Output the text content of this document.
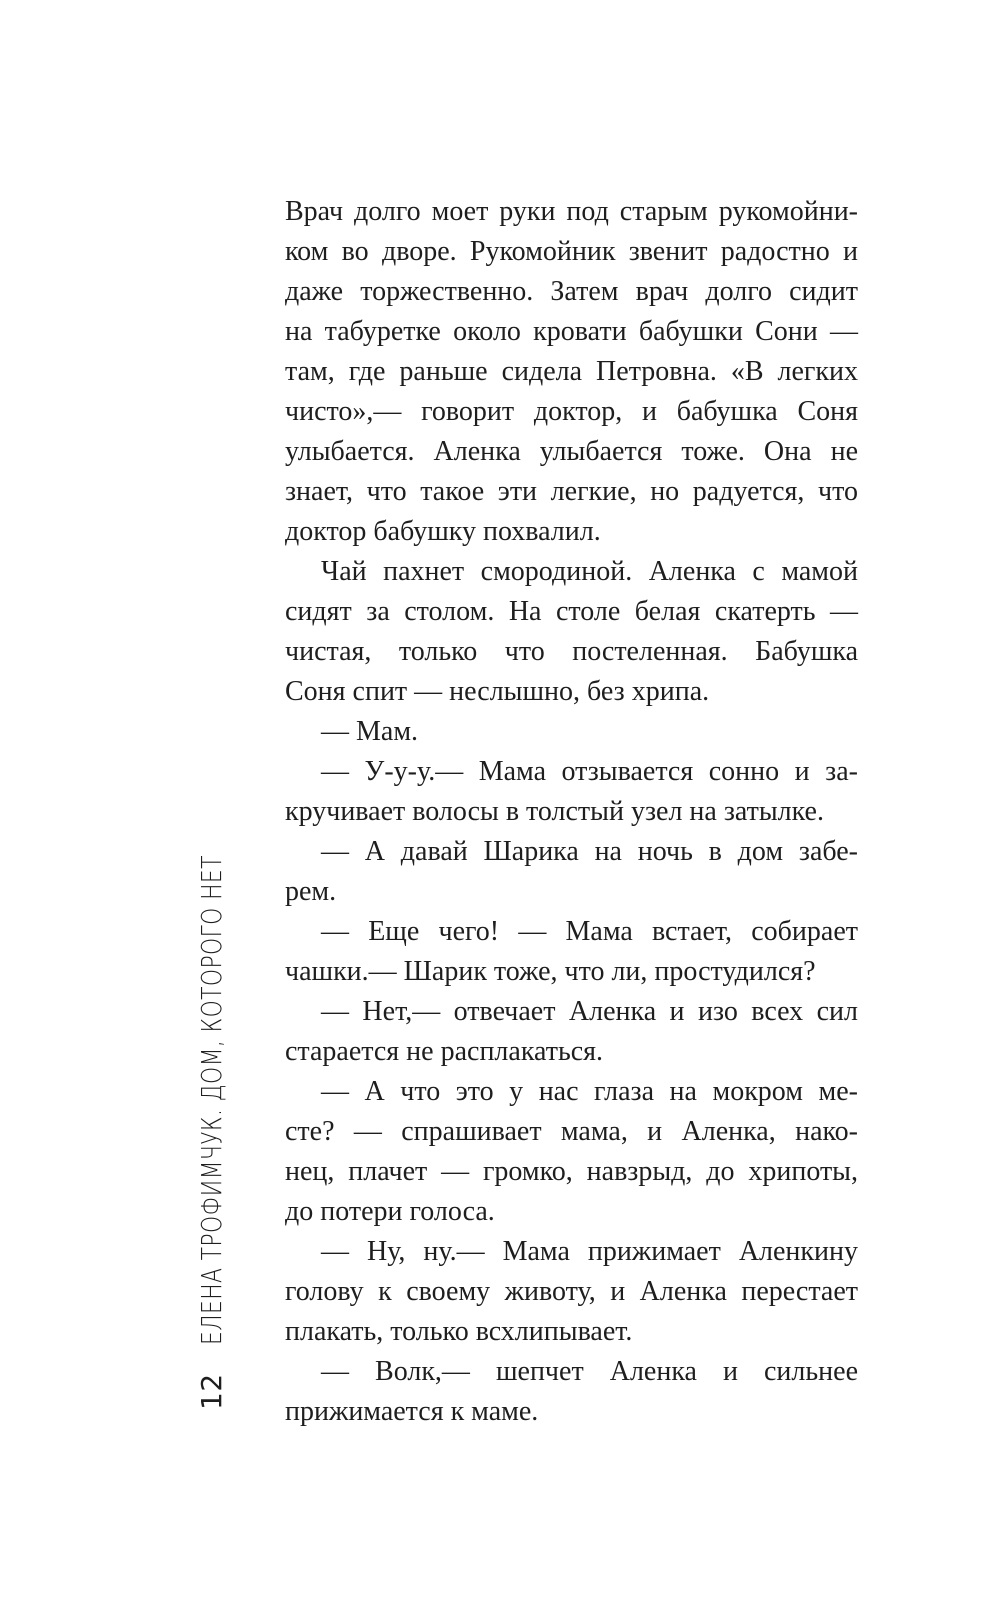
12
ЕЛЕНА ТРОФИМЧУК. ДОМ, КОТОРОГО НЕТ
Врач долго моет руки под старым рукомойни-
ком во дворе. Рукомойник звенит радостно и
даже торжественно. Затем врач долго сидит
на табуретке около кровати бабушки Сони —
там, где раньше сидела Петровна. «В легких
чисто»,— говорит доктор, и бабушка Соня
улыбается. Аленка улыбается тоже. Она не
знает, что такое эти легкие, но радуется, что
доктор бабушку похвалил.
Чай пахнет смородиной. Аленка с мамой
сидят за столом. На столе белая скатерть —
чистая, только что постеленная. Бабушка
Соня спит — неслышно, без хрипа.
— Мам.
— У-у-у.— Мама отзывается сонно и за-
кручивает волосы в толстый узел на затылке.
— А давай Шарика на ночь в дом забе-
рем.
— Еще чего! — Мама встает, собирает
чашки.— Шарик тоже, что ли, простудился?
— Нет,— отвечает Аленка и изо всех сил
старается не расплакаться.
— А что это у нас глаза на мокром ме-
сте? — спрашивает мама, и Аленка, нако-
нец, плачет — громко, навзрыд, до хрипоты,
до потери голоса.
— Ну, ну.— Мама прижимает Аленкину
голову к своему животу, и Аленка перестает
плакать, только всхлипывает.
— Волк,— шепчет Аленка и сильнее
прижимается к маме.
